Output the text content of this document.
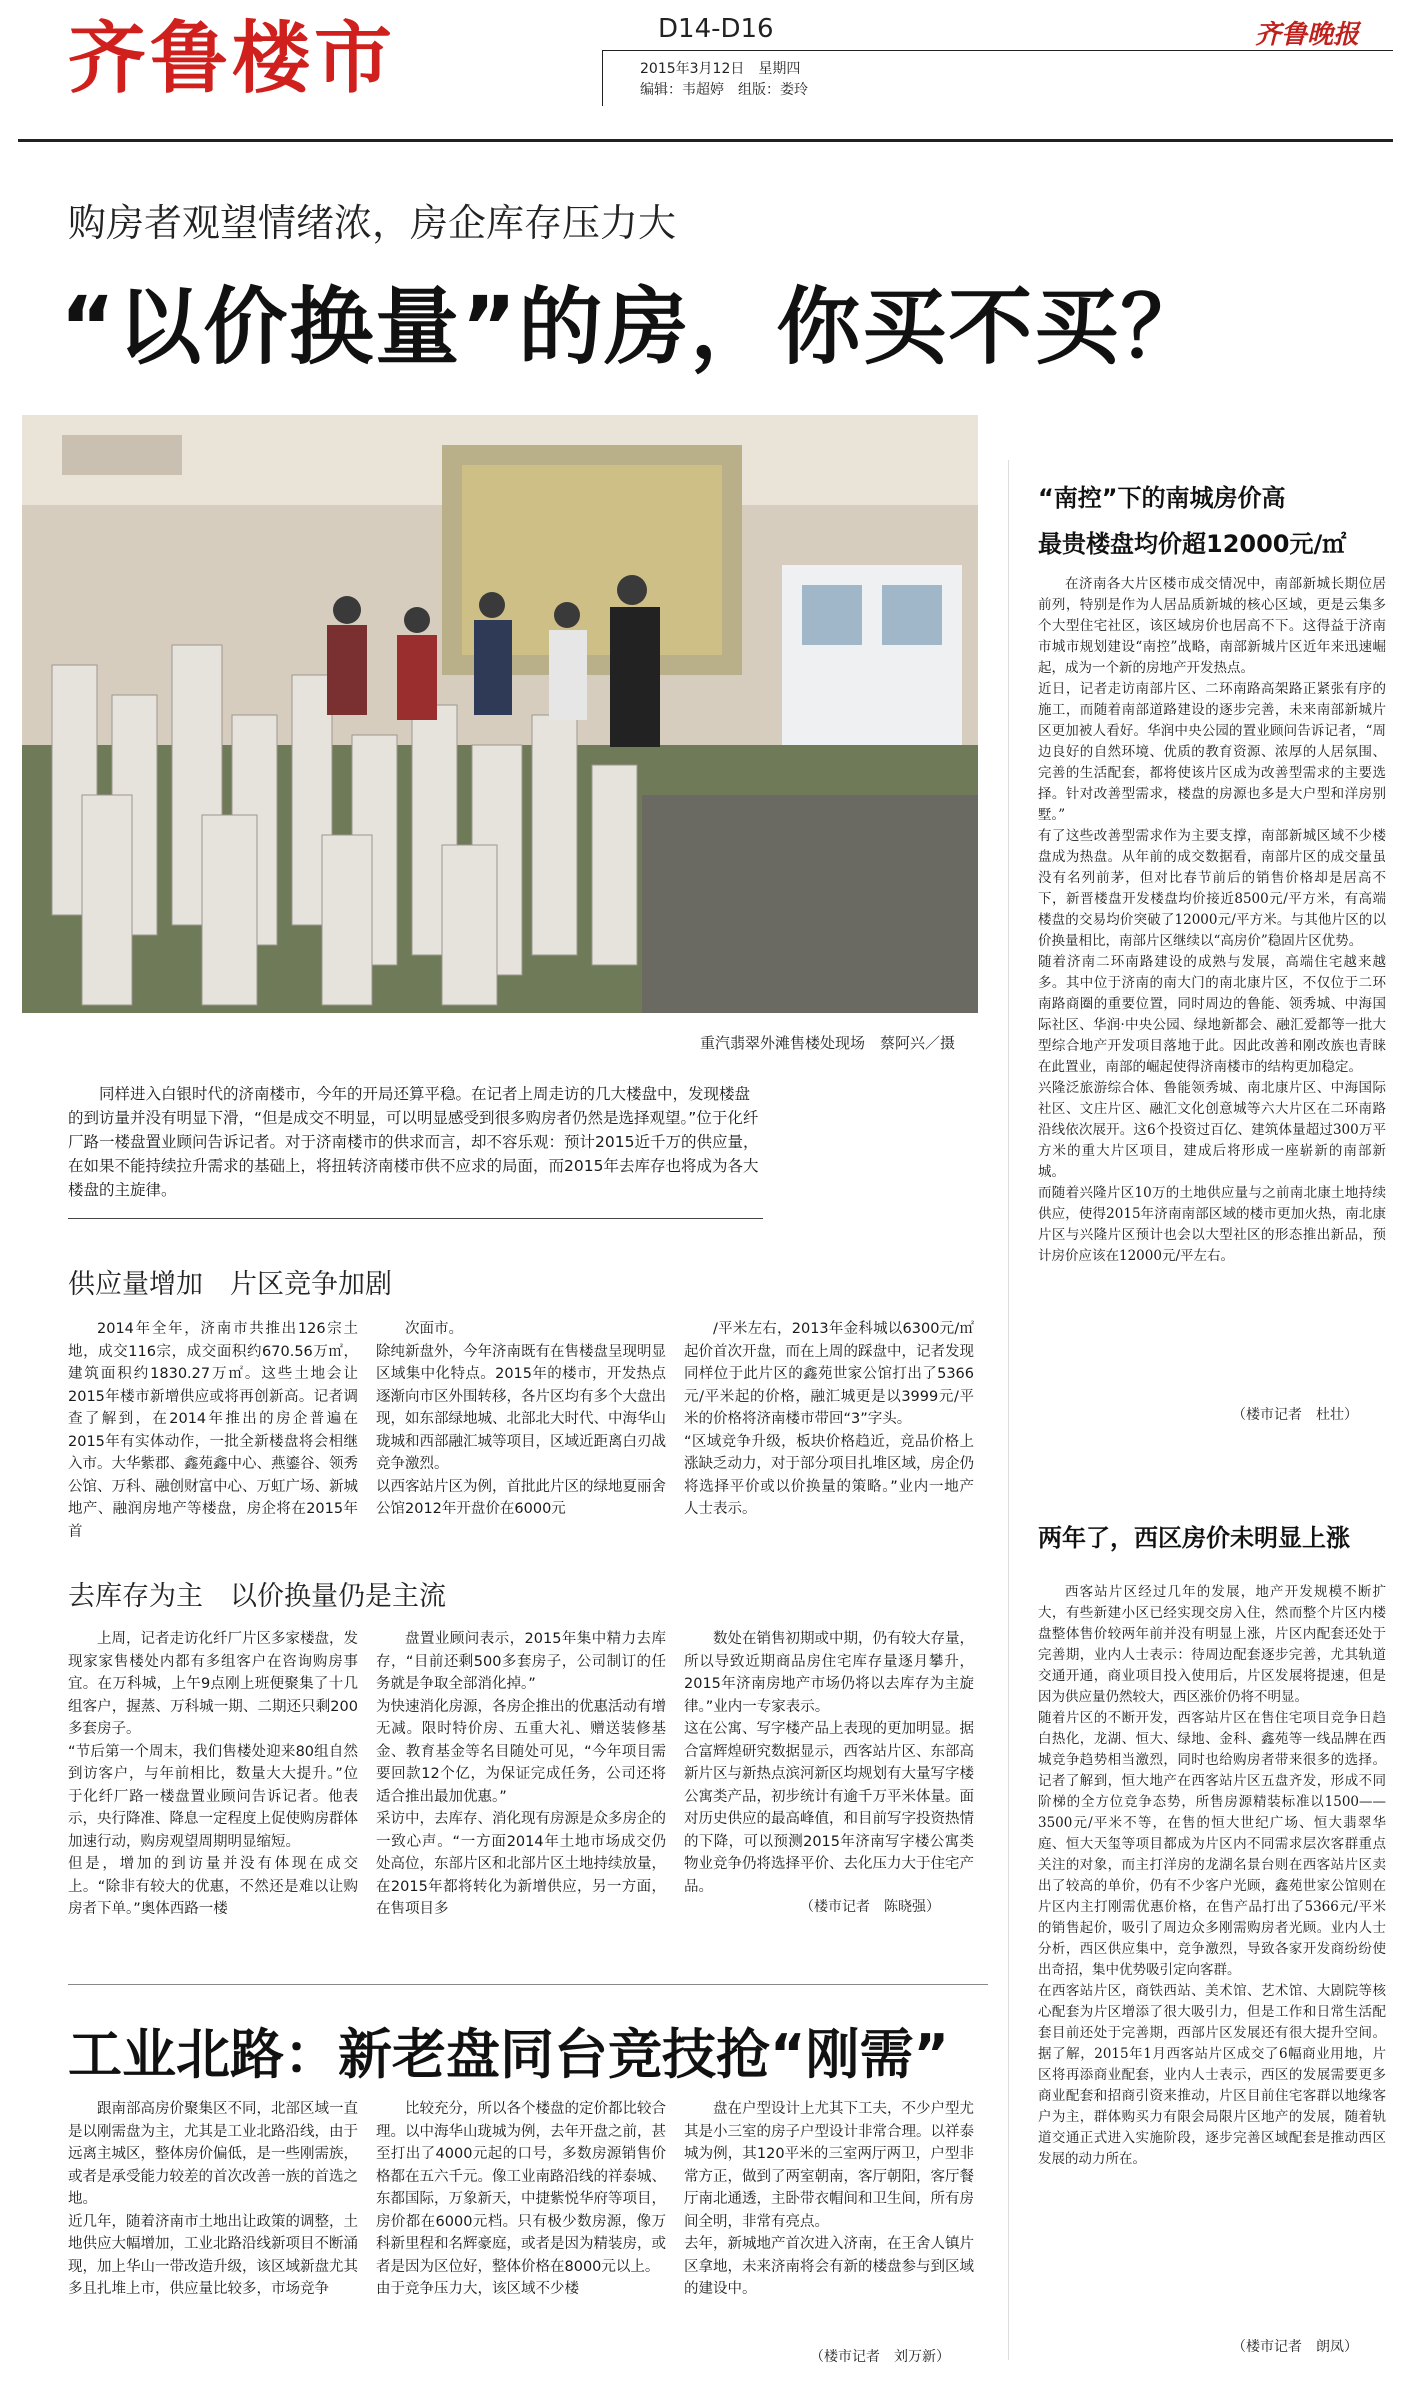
齐鲁楼市	D14-D16	齐鲁晚报
2015年3月12日　星期四
编辑：韦超婷　组版：娄玲
购房者观望情绪浓，房企库存压力大
“以价换量”的房，你买不买？
重汽翡翠外滩售楼处现场　蔡阿兴／摄

同样进入白银时代的济南楼市，今年的开局还算平稳。在记者上周走访的几大楼盘中，发现楼盘的到访量并没有明显下滑，“但是成交不明显，可以明显感受到很多购房者仍然是选择观望。”位于化纤厂路一楼盘置业顾问告诉记者。对于济南楼市的供求而言，却不容乐观：预计2015近千万的供应量，在如果不能持续拉升需求的基础上，将扭转济南楼市供不应求的局面，而2015年去库存也将成为各大楼盘的主旋律。

供应量增加　片区竞争加剧

2014年全年，济南市共推出126宗土地，成交116宗，成交面积约670.56万㎡，建筑面积约1830.27万㎡。这些土地会让2015年楼市新增供应或将再创新高。记者调查了解到，在2014年推出的房企普遍在2015年有实体动作，一批全新楼盘将会相继入市。大华紫郡、鑫苑鑫中心、燕鎏谷、领秀公馆、万科、融创财富中心、万虹广场、新城地产、融润房地产等楼盘，房企将在2015年首

次面市。
除纯新盘外，今年济南既有在售楼盘呈现明显区域集中化特点。2015年的楼市，开发热点逐渐向市区外围转移，各片区均有多个大盘出现，如东部绿地城、北部北大时代、中海华山珑城和西部融汇城等项目，区域近距离白刃战竞争激烈。
以西客站片区为例，首批此片区的绿地夏丽舍公馆2012年开盘价在6000元

/平米左右，2013年金科城以6300元/㎡起价首次开盘，而在上周的踩盘中，记者发现同样位于此片区的鑫苑世家公馆打出了5366元/平米起的价格，融汇城更是以3999元/平米的价格将济南楼市带回“3”字头。
“区域竞争升级，板块价格趋近，竞品价格上涨缺乏动力，对于部分项目扎堆区域，房企仍将选择平价或以价换量的策略。”业内一地产人士表示。

去库存为主　以价换量仍是主流

上周，记者走访化纤厂片区多家楼盘，发现家家售楼处内都有多组客户在咨询购房事宜。在万科城，上午9点刚上班便聚集了十几组客户，握蒸、万科城一期、二期还只剩200多套房子。
“节后第一个周末，我们售楼处迎来80组自然到访客户，与年前相比，数量大大提升。”位于化纤厂路一楼盘置业顾问告诉记者。他表示，央行降准、降息一定程度上促使购房群体加速行动，购房观望周期明显缩短。
但是，增加的到访量并没有体现在成交上。“除非有较大的优惠，不然还是难以让购房者下单。”奥体西路一楼

盘置业顾问表示，2015年集中精力去库存，“目前还剩500多套房子，公司制订的任务就是争取全部消化掉。”
为快速消化房源，各房企推出的优惠活动有增无减。限时特价房、五重大礼、赠送装修基金、教育基金等名目随处可见，“今年项目需要回款12个亿，为保证完成任务，公司还将适合推出最加优惠。”
采访中，去库存、消化现有房源是众多房企的一致心声。“一方面2014年土地市场成交仍处高位，东部片区和北部片区土地持续放量，在2015年都将转化为新增供应，另一方面，在售项目多

数处在销售初期或中期，仍有较大存量，所以导致近期商品房住宅库存量逐月攀升，2015年济南房地产市场仍将以去库存为主旋律。”业内一专家表示。
这在公寓、写字楼产品上表现的更加明显。据合富辉煌研究数据显示，西客站片区、东部高新片区与新热点滨河新区均规划有大量写字楼公寓类产品，初步统计有逾千万平米体量。面对历史供应的最高峰值，和目前写字投资热情的下降，可以预测2015年济南写字楼公寓类物业竞争仍将选择平价、去化压力大于住宅产品。

（楼市记者　陈晓强）
工业北路：新老盘同台竞技抢“刚需”

跟南部高房价聚集区不同，北部区域一直是以刚需盘为主，尤其是工业北路沿线，由于远离主城区，整体房价偏低，是一些刚需族，或者是承受能力较差的首次改善一族的首选之地。
近几年，随着济南市土地出让政策的调整，土地供应大幅增加，工业北路沿线新项目不断涌现，加上华山一带改造升级，该区域新盘尤其多且扎堆上市，供应量比较多，市场竞争

比较充分，所以各个楼盘的定价都比较合理。以中海华山珑城为例，去年开盘之前，甚至打出了4000元起的口号，多数房源销售价格都在五六千元。像工业南路沿线的祥泰城、东都国际，万象新天，中捷紫悦华府等项目，房价都在6000元档。只有极少数房源，像万科新里程和名辉豪庭，或者是因为精装房，或者是因为区位好，整体价格在8000元以上。
由于竞争压力大，该区域不少楼

盘在户型设计上尤其下工夫，不少户型尤其是小三室的房子户型设计非常合理。以祥泰城为例，其120平米的三室两厅两卫，户型非常方正，做到了两室朝南，客厅朝阳，客厅餐厅南北通透，主卧带衣帽间和卫生间，所有房间全明，非常有亮点。
去年，新城地产首次进入济南，在王舍人镇片区拿地，未来济南将会有新的楼盘参与到区域的建设中。

（楼市记者　刘万新）
“南控”下的南城房价高
最贵楼盘均价超12000元/㎡

在济南各大片区楼市成交情况中，南部新城长期位居前列，特别是作为人居品质新城的核心区域，更是云集多个大型住宅社区，该区域房价也居高不下。这得益于济南市城市规划建设“南控”战略，南部新城片区近年来迅速崛起，成为一个新的房地产开发热点。
近日，记者走访南部片区、二环南路高架路正紧张有序的施工，而随着南部道路建设的逐步完善，未来南部新城片区更加被人看好。华润中央公园的置业顾问告诉记者，“周边良好的自然环境、优质的教育资源、浓厚的人居氛围、完善的生活配套，都将使该片区成为改善型需求的主要选择。针对改善型需求，楼盘的房源也多是大户型和洋房别墅。”
有了这些改善型需求作为主要支撑，南部新城区域不少楼盘成为热盘。从年前的成交数据看，南部片区的成交量虽没有名列前茅，但对比春节前后的销售价格却是居高不下，新晋楼盘开发楼盘均价接近8500元/平方米，有高端楼盘的交易均价突破了12000元/平方米。与其他片区的以价换量相比，南部片区继续以“高房价”稳固片区优势。
随着济南二环南路建设的成熟与发展，高端住宅越来越多。其中位于济南的南大门的南北康片区，不仅位于二环南路商圈的重要位置，同时周边的鲁能、领秀城、中海国际社区、华润·中央公园、绿地新都会、融汇爱都等一批大型综合地产开发项目落地于此。因此改善和刚改族也青睐在此置业，南部的崛起使得济南楼市的结构更加稳定。
兴隆泛旅游综合体、鲁能领秀城、南北康片区、中海国际社区、文庄片区、融汇文化创意城等六大片区在二环南路沿线依次展开。这6个投资过百亿、建筑体量超过300万平方米的重大片区项目，建成后将形成一座崭新的南部新城。
而随着兴隆片区10万的土地供应量与之前南北康土地持续供应，使得2015年济南南部区域的楼市更加火热，南北康片区与兴隆片区预计也会以大型社区的形态推出新品，预计房价应该在12000元/平左右。

（楼市记者　杜壮）
两年了，西区房价未明显上涨

西客站片区经过几年的发展，地产开发规模不断扩大，有些新建小区已经实现交房入住，然而整个片区内楼盘整体售价较两年前并没有明显上涨，片区内配套还处于完善期，业内人士表示：待周边配套逐步完善，尤其轨道交通开通，商业项目投入使用后，片区发展将提速，但是因为供应量仍然较大，西区涨价仍将不明显。
随着片区的不断开发，西客站片区在售住宅项目竞争日趋白热化，龙湖、恒大、绿地、金科、鑫苑等一线品牌在西城竞争趋势相当激烈，同时也给购房者带来很多的选择。记者了解到，恒大地产在西客站片区五盘齐发，形成不同阶梯的全方位竞争态势，所售房源精装标准以1500——3500元/平米不等，在售的恒大世纪广场、恒大翡翠华庭、恒大天玺等项目都成为片区内不同需求层次客群重点关注的对象，而主打洋房的龙湖名景台则在西客站片区卖出了较高的单价，仍有不少客户光顾，鑫苑世家公馆则在片区内主打刚需优惠价格，在售产品打出了5366元/平米的销售起价，吸引了周边众多刚需购房者光顾。业内人士分析，西区供应集中，竞争激烈，导致各家开发商纷纷使出奇招，集中优势吸引定向客群。
在西客站片区，商铁西站、美术馆、艺术馆、大剧院等核心配套为片区增添了很大吸引力，但是工作和日常生活配套目前还处于完善期，西部片区发展还有很大提升空间。据了解，2015年1月西客站片区成交了6幅商业用地，片区将再添商业配套，业内人士表示，西区的发展需要更多商业配套和招商引资来推动，片区目前住宅客群以地缘客户为主，群体购买力有限会局限片区地产的发展，随着轨道交通正式进入实施阶段，逐步完善区域配套是推动西区发展的动力所在。

（楼市记者　朗凤）
